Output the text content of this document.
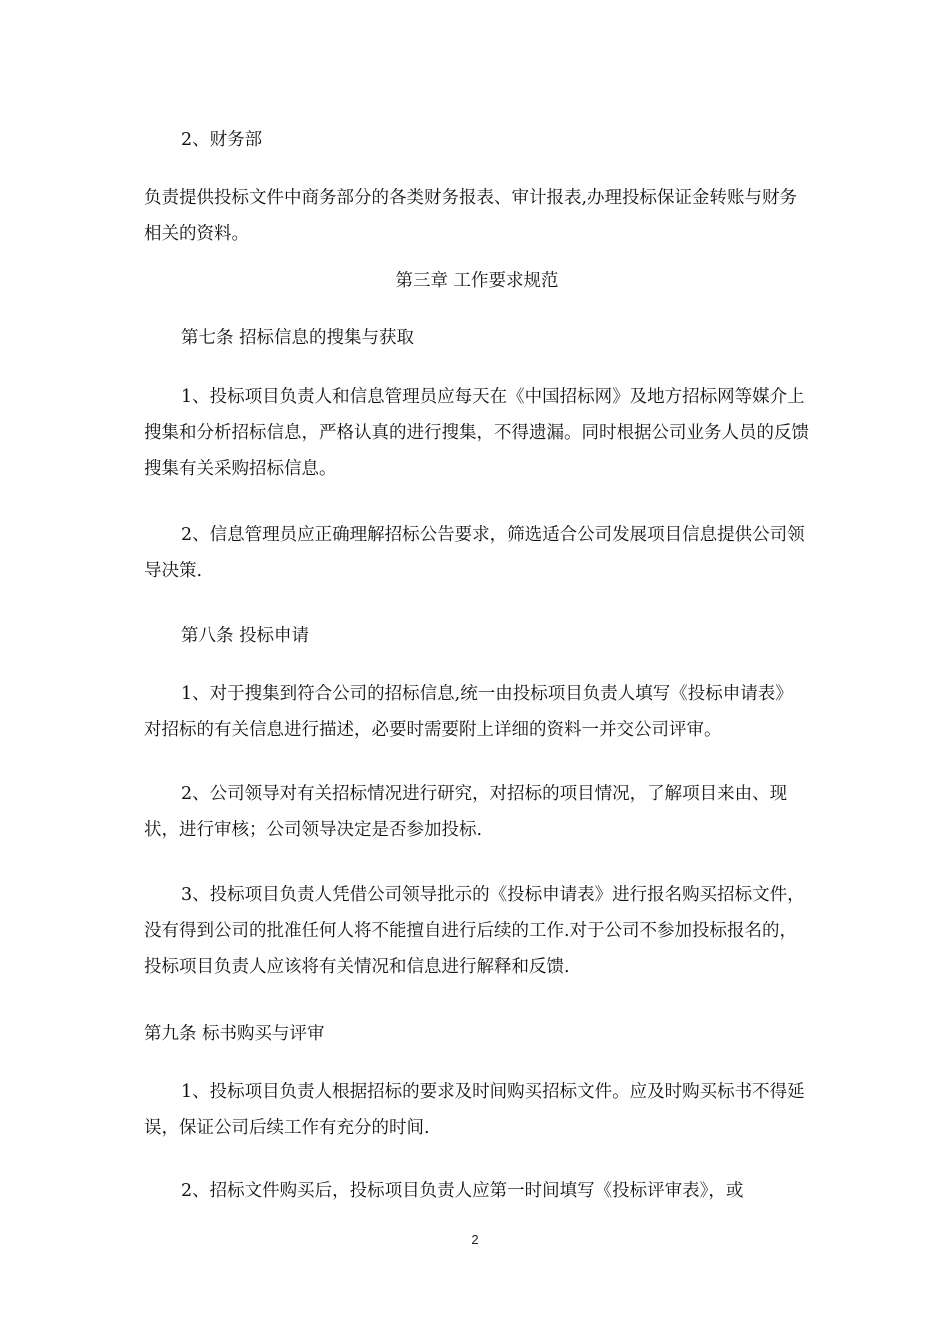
2、财务部

负责提供投标文件中商务部分的各类财务报表、审计报表,办理投标保证金转账与财务相关的资料。

第三章 工作要求规范

第七条 招标信息的搜集与获取

1、投标项目负责人和信息管理员应每天在《中国招标网》及地方招标网等媒介上搜集和分析招标信息，严格认真的进行搜集，不得遗漏。同时根据公司业务人员的反馈搜集有关采购招标信息。

2、信息管理员应正确理解招标公告要求，筛选适合公司发展项目信息提供公司领导决策.

第八条 投标申请

1、对于搜集到符合公司的招标信息,统一由投标项目负责人填写《投标申请表》对招标的有关信息进行描述，必要时需要附上详细的资料一并交公司评审。

2、公司领导对有关招标情况进行研究，对招标的项目情况，了解项目来由、现状，进行审核；公司领导决定是否参加投标.

3、投标项目负责人凭借公司领导批示的《投标申请表》进行报名购买招标文件，没有得到公司的批准任何人将不能擅自进行后续的工作.对于公司不参加投标报名的，投标项目负责人应该将有关情况和信息进行解释和反馈.

第九条 标书购买与评审

1、投标项目负责人根据招标的要求及时间购买招标文件。应及时购买标书不得延误，保证公司后续工作有充分的时间.

2、招标文件购买后，投标项目负责人应第一时间填写《投标评审表》，或

2
